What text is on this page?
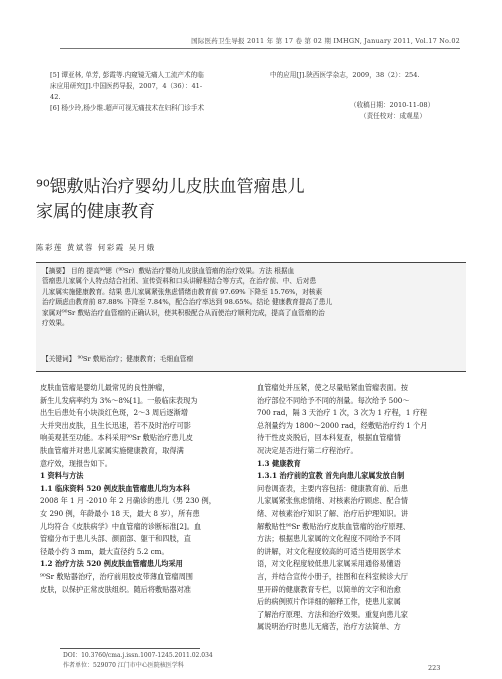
国际医药卫生导报 2011 年 第 17 卷 第 02 期 IMHGN, January 2011, Vol.17 No.02
[5] 谭亚林, 单芳, 彭霞等.内窥镜无痛人工流产术的临
床应用研究[J].中国医药导报，2007，4（36）：41-
42.
[6] 杨少玲,杨少维.超声可视无痛技术在妇科门诊手术
中的应用[J].陕西医学杂志，2009，38（2）：254.
（收稿日期：2010-11-08）
（责任校对：成观星）
⁹⁰锶敷贴治疗婴幼儿皮肤血管瘤患儿
家属的健康教育
陈彩莲 黄斌蓉 何彩霞 吴月娥
【摘要】 目的 提高⁹⁰锶（⁹⁰Sr）敷贴治疗婴幼儿皮肤血管瘤的治疗效果。方法 根据血
管瘤患儿家属个人特点结合社团、宣传资料和口头讲解相结合等方式，在治疗前、中、后对患
儿家属实施健康教育。结果 患儿家属紧张焦虑情绪由教育前 97.69% 下降至 15.76%，对核素
治疗顾虑由教育前 87.88% 下降至 7.84%，配合治疗率达到 98.65%。结论 健康教育提高了患儿
家属对⁹⁰Sr 敷贴治疗血管瘤的正确认识，使其积极配合从而使治疗顺利完成，提高了血管瘤的治
疗效果。
【关键词】 ⁹⁰Sr 敷贴治疗；健康教育；毛细血管瘤

皮肤血管瘤是婴幼儿最常见的良性肿瘤，

新生儿发病率约为 3%～8%[1]。一般临床表现为

出生后患处有小块淡红色斑，2～3 周后逐渐增

大并突出皮肤，且生长迅速，若不及时治疗可影

响美观甚至功能。本科采用⁹⁰Sr 敷贴治疗患儿皮

肤血管瘤并对患儿家属实施健康教育，取得满

意疗效，现报告如下。

1 资料与方法

1.1 临床资料 520 例皮肤血管瘤患儿均为本科

2008 年 1 月 -2010 年 2 月确诊的患儿（男 230 例，

女 290 例，年龄最小 18 天，最大 8 岁），所有患

儿均符合《皮肤病学》中血管瘤的诊断标准[2]。血

管瘤分布于患儿头部、颜面部、躯干和四肢，直

径最小约 3 mm，最大直径约 5.2 cm。

1.2 治疗方法 520 例皮肤血管瘤患儿均采用

⁹⁰Sr 敷贴器治疗，治疗前用胶皮带薄血管瘤周围

皮肤，以保护正常皮肤组织。随后将敷贴器对准

血管瘤处并压紧，使之尽量贴紧血管瘤表面。按

治疗部位不同给予不同的剂量。每次给予 500～

700 rad，隔 3 天治疗 1 次，3 次为 1 疗程，1 疗程

总剂量约为 1800～2000 rad，经敷贴治疗约 1 个月

待干性皮炎脱后，回本科复查，根据血管瘤情

况决定是否进行第二疗程治疗。

1.3 健康教育

1.3.1 治疗前的宣教 首先向患儿家属发放自制

问卷调查表，主要内容包括：健康教育前、后患

儿家属紧张焦虑情绪、对核素治疗顾虑、配合情

绪、对核素治疗知识了解、治疗后护理知识。讲

解敷贴性⁹⁰Sr 敷贴治疗皮肤血管瘤的治疗原理、

方法；根据患儿家属的文化程度不同给予不同

的讲解，对文化程度较高的可适当使用医学术

语，对文化程度较低患儿家属采用通俗易懂语

言，并结合宣传小册子，挂图和在科室候诊大厅

里开辟的健康教育专栏，以简单的文字和治愈

后的病例照片作详细的解释工作，使患儿家属

了解治疗原理、方法和治疗效果。重复向患儿家

属说明治疗时患儿无痛苦，治疗方法简单、方

DOI：10.3760/cma.j.issn.1007-1245.2011.02.034
作者单位：529070 江门市中心医院核医学科	223
